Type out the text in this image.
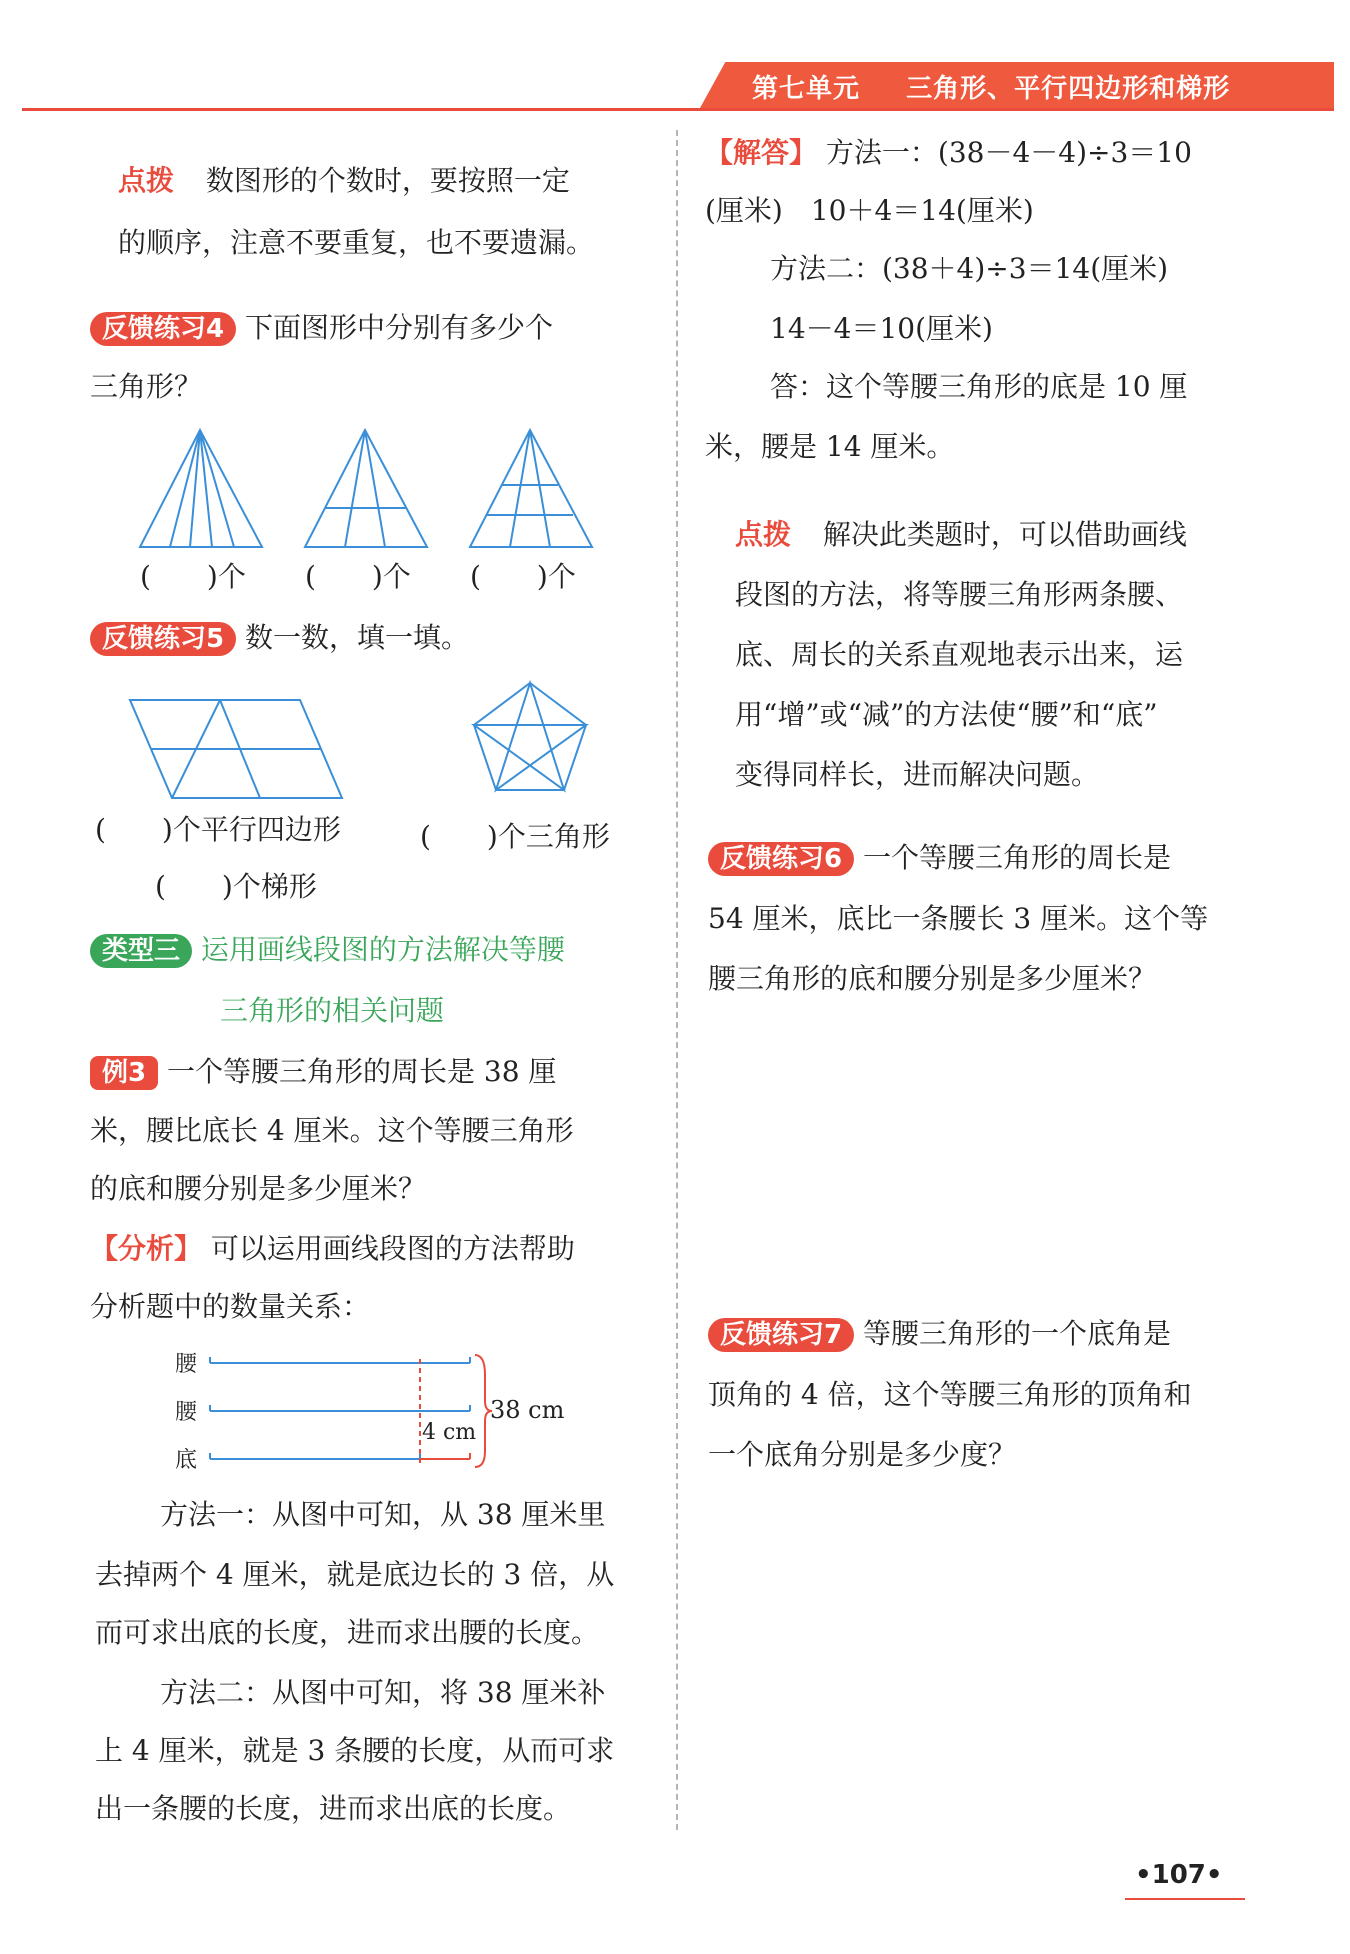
第七单元 三角形、平行四边形和梯形
点拨 数图形的个数时，要按照一定
的顺序，注意不要重复，也不要遗漏。
反馈练习4 下面图形中分别有多少个
三角形？
(　　)个 (　　)个 (　　)个
反馈练习5 数一数，填一填。
(　　)个平行四边形	(　　)个三角形
(　　)个梯形
类型三 运用画线段图的方法解决等腰
三角形的相关问题
例3 一个等腰三角形的周长是 38 厘
米，腰比底长 4 厘米。这个等腰三角形
的底和腰分别是多少厘米？
【分析】 可以运用画线段图的方法帮助
分析题中的数量关系：
腰
腰
底
38 cm
4 cm
方法一：从图中可知，从 38 厘米里
去掉两个 4 厘米，就是底边长的 3 倍，从
而可求出底的长度，进而求出腰的长度。
方法二：从图中可知，将 38 厘米补
上 4 厘米，就是 3 条腰的长度，从而可求
出一条腰的长度，进而求出底的长度。
【解答】 方法一：(38－4－4)÷3＝10
(厘米)　10＋4＝14(厘米)
方法二：(38＋4)÷3＝14(厘米)
14－4＝10(厘米)
答：这个等腰三角形的底是 10 厘
米，腰是 14 厘米。
点拨 解决此类题时，可以借助画线
段图的方法，将等腰三角形两条腰、
底、周长的关系直观地表示出来，运
用“增”或“减”的方法使“腰”和“底”
变得同样长，进而解决问题。
反馈练习6 一个等腰三角形的周长是
54 厘米，底比一条腰长 3 厘米。这个等
腰三角形的底和腰分别是多少厘米？
反馈练习7 等腰三角形的一个底角是
顶角的 4 倍，这个等腰三角形的顶角和
一个底角分别是多少度？
•107•
